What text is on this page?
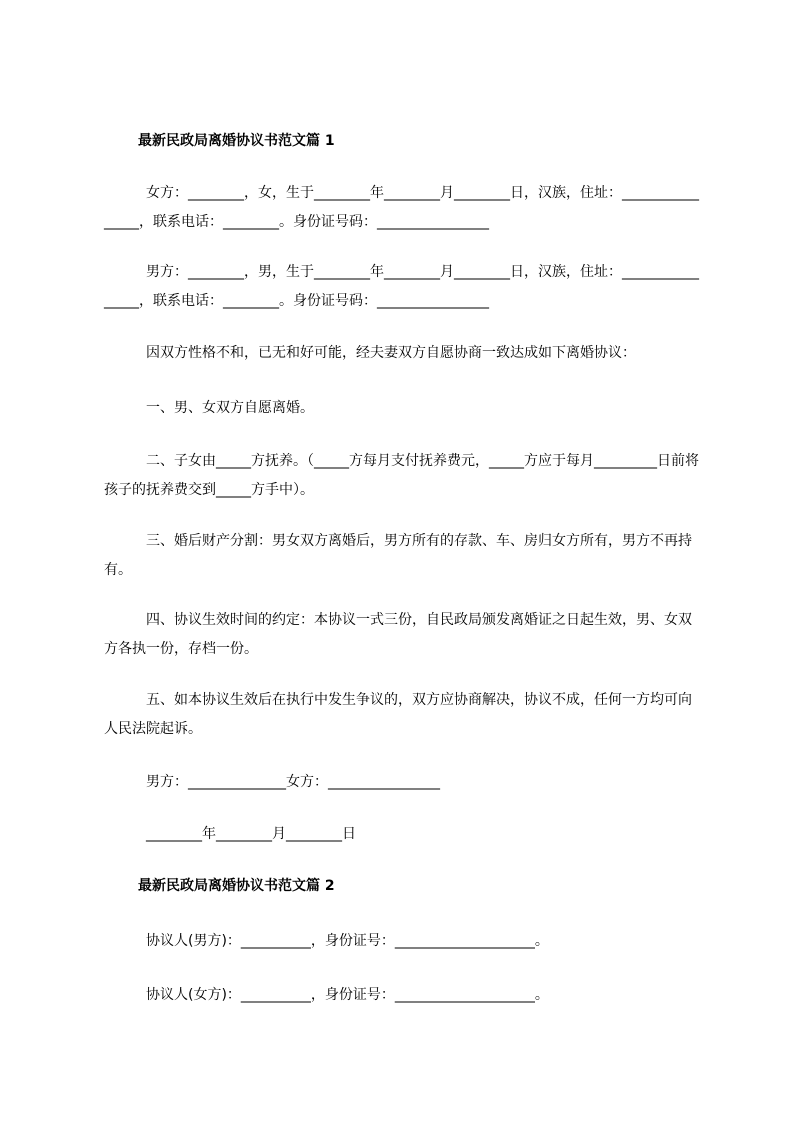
最新民政局离婚协议书范文篇 1
女方：________，女，生于________年________月________日，汉族，住址：________________，联系电话：________。身份证号码：________________
男方：________，男，生于________年________月________日，汉族，住址：________________，联系电话：________。身份证号码：________________
因双方性格不和，已无和好可能，经夫妻双方自愿协商一致达成如下离婚协议：
一、男、女双方自愿离婚。
二、子女由_____方抚养。（_____方每月支付抚养费元，_____方应于每月_________日前将孩子的抚养费交到_____方手中）。
三、婚后财产分割：男女双方离婚后，男方所有的存款、车、房归女方所有，男方不再持有。
四、协议生效时间的约定：本协议一式三份，自民政局颁发离婚证之日起生效，男、女双方各执一份，存档一份。
五、如本协议生效后在执行中发生争议的，双方应协商解决，协议不成，任何一方均可向人民法院起诉。
男方：______________女方：________________
________年________月________日
最新民政局离婚协议书范文篇 2
协议人(男方)：__________，身份证号：____________________。
协议人(女方)：__________，身份证号：____________________。
